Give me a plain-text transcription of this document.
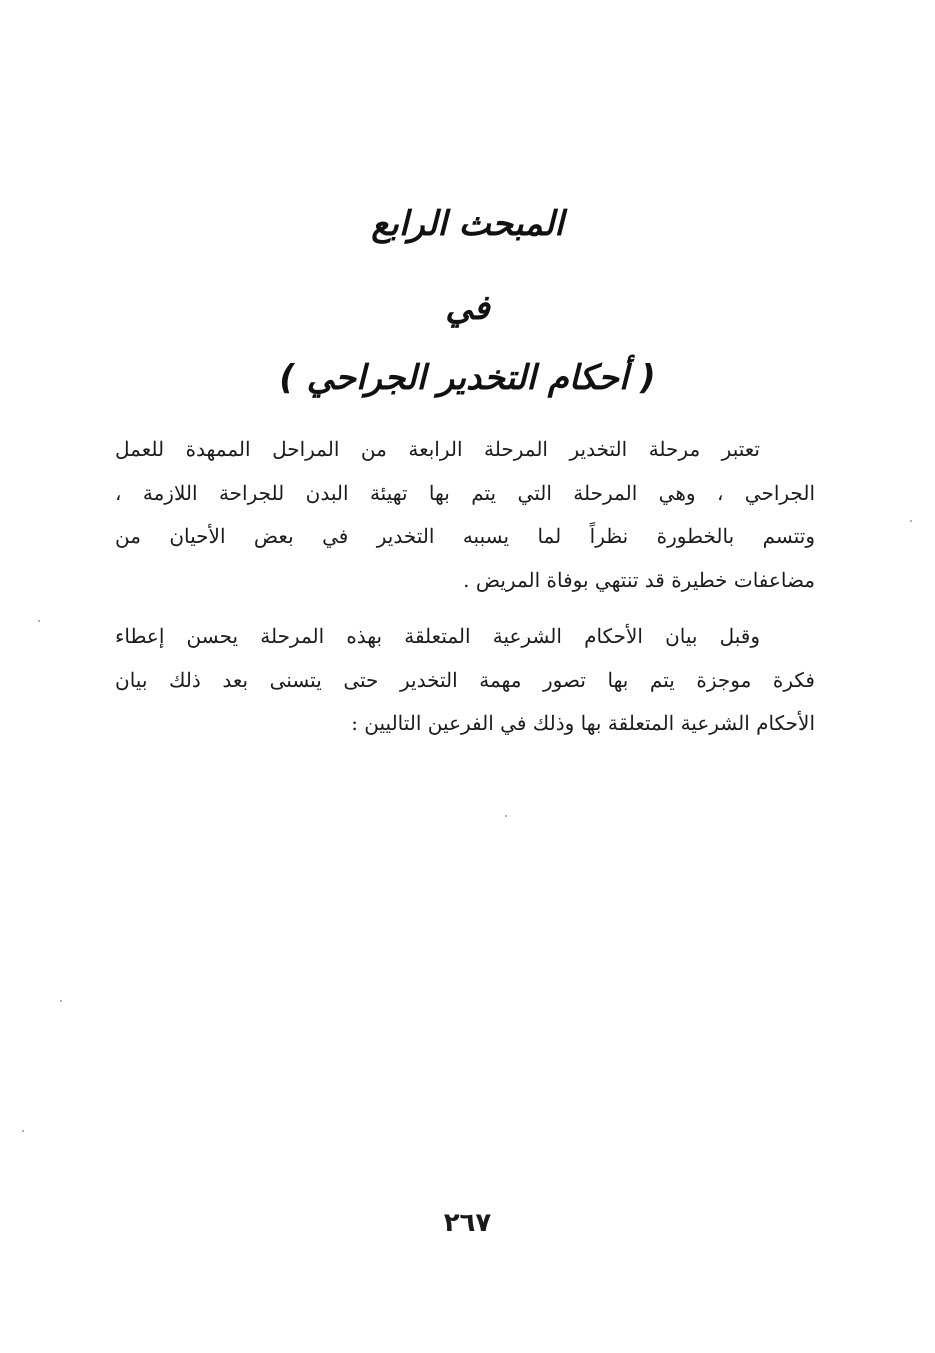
المبحث الرابع
في
( أحكام التخدير الجراحي )
تعتبر مرحلة التخدير المرحلة الرابعة من المراحل الممهدة للعمل
الجراحي ، وهي المرحلة التي يتم بها تهيئة البدن للجراحة اللازمة ،
وتتسم بالخطورة نظراً لما يسببه التخدير في بعض الأحيان من
مضاعفات خطيرة قد تنتهي بوفاة المريض .
وقبل بيان الأحكام الشرعية المتعلقة بهذه المرحلة يحسن إعطاء
فكرة موجزة يتم بها تصور مهمة التخدير حتى يتسنى بعد ذلك بيان
الأحكام الشرعية المتعلقة بها وذلك في الفرعين التاليين :
٢٦٧
